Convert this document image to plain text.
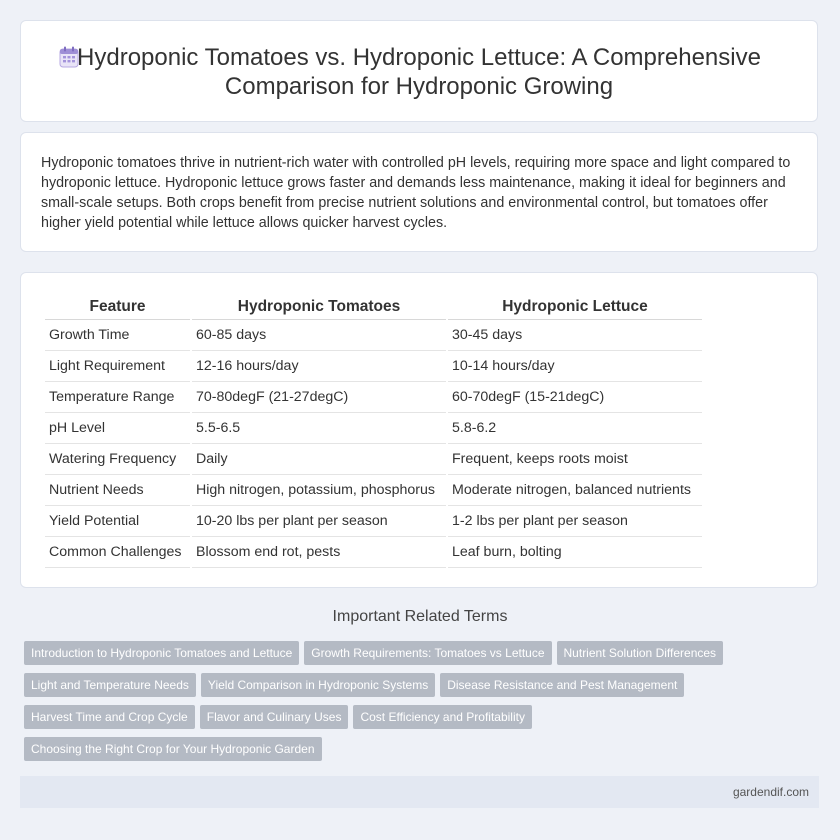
Hydroponic Tomatoes vs. Hydroponic Lettuce: A Comprehensive Comparison for Hydroponic Growing
Hydroponic tomatoes thrive in nutrient-rich water with controlled pH levels, requiring more space and light compared to hydroponic lettuce. Hydroponic lettuce grows faster and demands less maintenance, making it ideal for beginners and small-scale setups. Both crops benefit from precise nutrient solutions and environmental control, but tomatoes offer higher yield potential while lettuce allows quicker harvest cycles.
Feature	Hydroponic Tomatoes	Hydroponic Lettuce
Growth Time	60-85 days	30-45 days
Light Requirement	12-16 hours/day	10-14 hours/day
Temperature Range	70-80degF (21-27degC)	60-70degF (15-21degC)
pH Level	5.5-6.5	5.8-6.2
Watering Frequency	Daily	Frequent, keeps roots moist
Nutrient Needs	High nitrogen, potassium, phosphorus	Moderate nitrogen, balanced nutrients
Yield Potential	10-20 lbs per plant per season	1-2 lbs per plant per season
Common Challenges	Blossom end rot, pests	Leaf burn, bolting
Important Related Terms
Introduction to Hydroponic Tomatoes and Lettuce Growth Requirements: Tomatoes vs Lettuce Nutrient Solution Differences
Light and Temperature Needs Yield Comparison in Hydroponic Systems Disease Resistance and Pest Management
Harvest Time and Crop Cycle Flavor and Culinary Uses Cost Efficiency and Profitability
Choosing the Right Crop for Your Hydroponic Garden
gardendif.com
